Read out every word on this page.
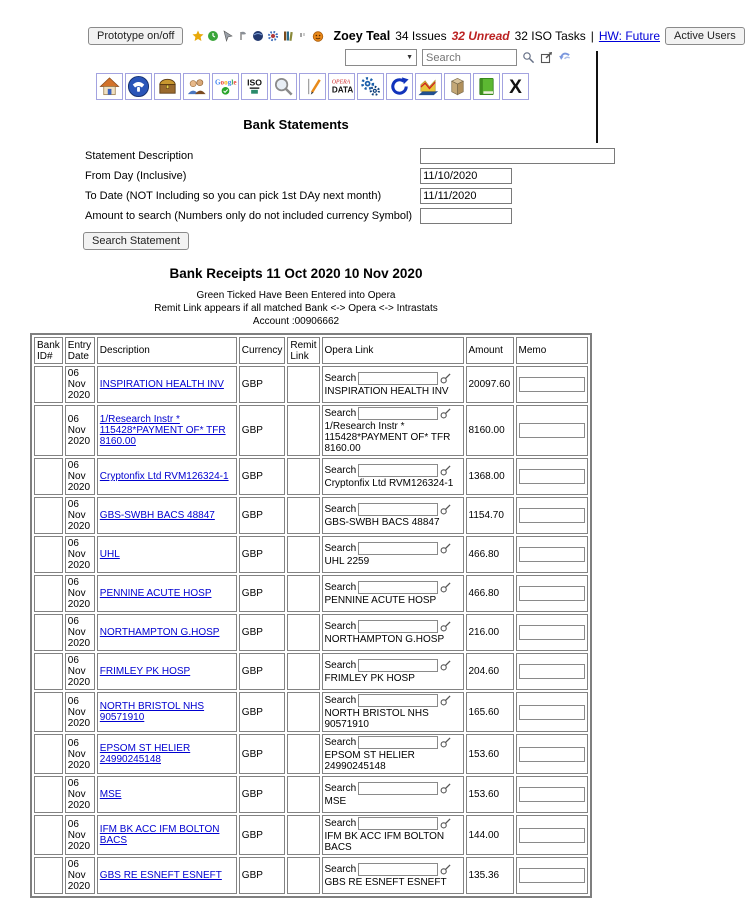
Prototype on/off	Zoey Teal 34 Issues 32 Unread 32 ISO Tasks | HW: Future	Active Users
▼
Search
Google ISO	OPERA
DATA	X
Bank Statements
Statement Description	
From Day (Inclusive)	11/10/2020
To Date (NOT Including so you can pick 1st DAy next month)	11/11/2020
Amount to search (Numbers only do not included currency Symbol)	
Search Statement
Bank Receipts 11 Oct 2020 10 Nov 2020
Green Ticked Have Been Entered into Opera
Remit Link appears if all matched Bank <-> Opera <-> Intrastats
Account :00906662
Bank ID#	Entry Date	Description	Currency	Remit Link	Opera Link	Amount	Memo
	06 Nov 2020	INSPIRATION HEALTH INV	GBP		Search
INSPIRATION HEALTH INV	20097.60	
	06 Nov 2020	1/Research Instr * 115428*PAYMENT OF* TFR 8160.00	GBP		Search
1/Research Instr * 115428*PAYMENT OF* TFR 8160.00	8160.00	
	06 Nov 2020	Cryptonfix Ltd RVM126324-1	GBP		Search
Cryptonfix Ltd RVM126324-1	1368.00	
	06 Nov 2020	GBS-SWBH BACS 48847	GBP		Search
GBS-SWBH BACS 48847	1154.70	
	06 Nov 2020	UHL	GBP		Search
UHL 2259	466.80	
	06 Nov 2020	PENNINE ACUTE HOSP	GBP		Search
PENNINE ACUTE HOSP	466.80	
	06 Nov 2020	NORTHAMPTON G.HOSP	GBP		Search
NORTHAMPTON G.HOSP	216.00	
	06 Nov 2020	FRIMLEY PK HOSP	GBP		Search
FRIMLEY PK HOSP	204.60	
	06 Nov 2020	NORTH BRISTOL NHS 90571910	GBP		Search
NORTH BRISTOL NHS 90571910	165.60	
	06 Nov 2020	EPSOM ST HELIER 24990245148	GBP		Search
EPSOM ST HELIER 24990245148	153.60	
	06 Nov 2020	MSE	GBP		Search
MSE	153.60	
	06 Nov 2020	IFM BK ACC IFM BOLTON BACS	GBP		Search
IFM BK ACC IFM BOLTON BACS	144.00	
	06 Nov 2020	GBS RE ESNEFT ESNEFT	GBP		Search
GBS RE ESNEFT ESNEFT	135.36	
